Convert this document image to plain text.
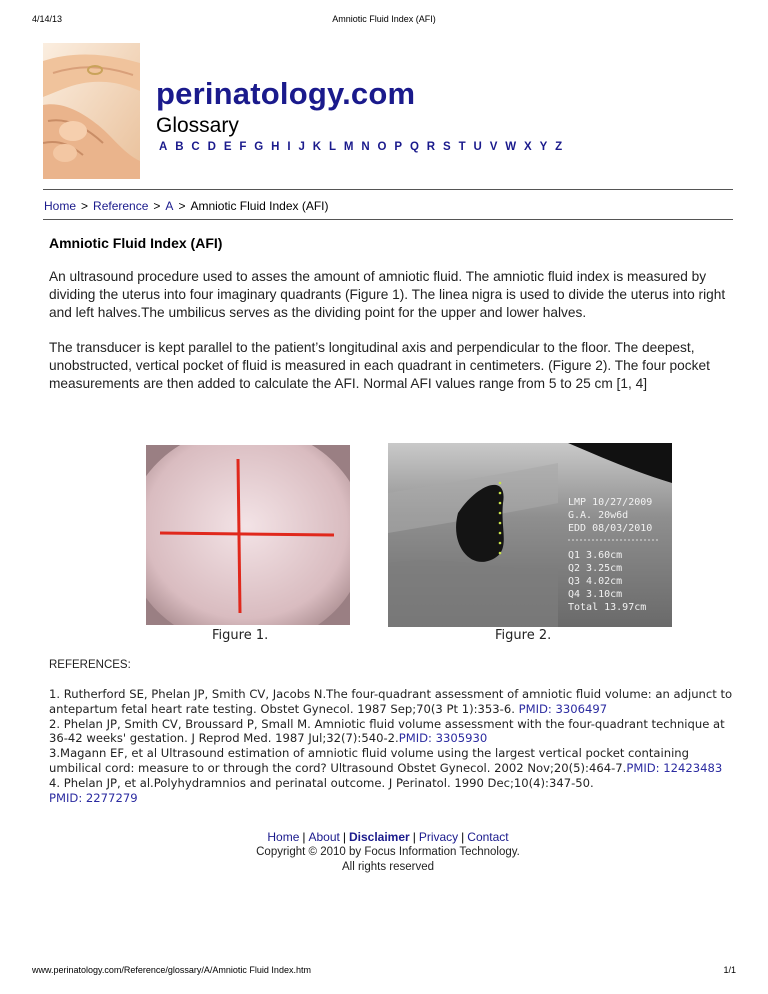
4/14/13	Amniotic Fluid Index (AFI)
perinatology.com
Glossary
A B C D E F G H I J K L M N O P Q R S T U V W X Y Z
Home > Reference > A > Amniotic Fluid Index (AFI)
Amniotic Fluid Index (AFI)
An ultrasound procedure used to asses the amount of amniotic fluid. The amniotic fluid index is measured by dividing the uterus into four imaginary quadrants (Figure 1). The linea nigra is used to divide the uterus into right and left halves.The umbilicus serves as the dividing point for the upper and lower halves.
The transducer is kept parallel to the patient’s longitudinal axis and perpendicular to the floor. The deepest, unobstructed, vertical pocket of fluid is measured in each quadrant in centimeters. (Figure 2). The four pocket measurements are then added to calculate the AFI. Normal AFI values range from 5 to 25 cm [1, 4]
LMP 10/27/2009
G.A. 20w6d
EDD 08/03/2010
Q1 3.60cm
Q2 3.25cm
Q3 4.02cm
Q4 3.10cm
Total 13.97cm
Figure 1.	Figure 2.
REFERENCES:
1. Rutherford SE, Phelan JP, Smith CV, Jacobs N.The four-quadrant assessment of amniotic fluid volume: an adjunct to antepartum fetal heart rate testing. Obstet Gynecol. 1987 Sep;70(3 Pt 1):353-6. PMID: 3306497
2. Phelan JP, Smith CV, Broussard P, Small M. Amniotic fluid volume assessment with the four-quadrant technique at 36-42 weeks' gestation. J Reprod Med. 1987 Jul;32(7):540-2.PMID: 3305930
3.Magann EF, et al Ultrasound estimation of amniotic fluid volume using the largest vertical pocket containing umbilical cord: measure to or through the cord? Ultrasound Obstet Gynecol. 2002 Nov;20(5):464-7.PMID: 12423483
4. Phelan JP, et al.Polyhydramnios and perinatal outcome. J Perinatol. 1990 Dec;10(4):347-50.
PMID: 2277279
Home | About | Disclaimer | Privacy | Contact
Copyright © 2010 by Focus Information Technology.
All rights reserved
www.perinatology.com/Reference/glossary/A/Amniotic Fluid Index.htm	1/1
